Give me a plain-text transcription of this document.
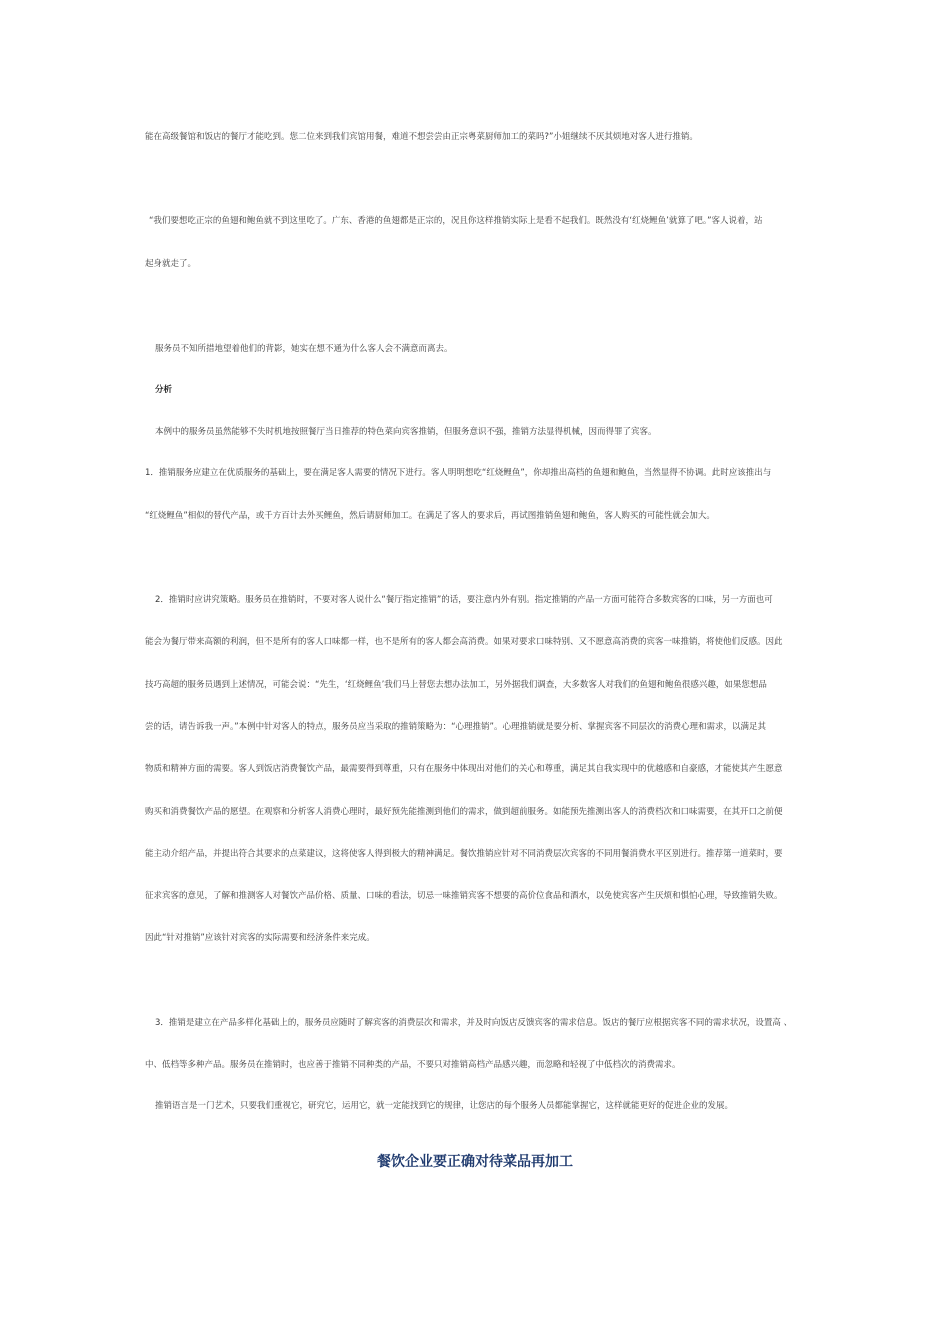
能在高级餐馆和饭店的餐厅才能吃到。您二位来到我们宾馆用餐，难道不想尝尝由正宗粤菜厨师加工的菜吗?”小姐继续不厌其烦地对客人进行推销。
“我们要想吃正宗的鱼翅和鲍鱼就不到这里吃了。广东、香港的鱼翅都是正宗的，况且你这样推销实际上是看不起我们。既然没有‘红烧鲤鱼’就算了吧。”客人说着，站
起身就走了。
服务员不知所措地望着他们的背影，她实在想不通为什么客人会不满意而离去。
分析
本例中的服务员虽然能够不失时机地按照餐厅当日推荐的特色菜向宾客推销，但服务意识不强，推销方法显得机械，因而得罪了宾客。
1．推销服务应建立在优质服务的基础上，要在满足客人需要的情况下进行。客人明明想吃“红烧鲤鱼”，你却推出高档的鱼翅和鲍鱼，当然显得不协调。此时应该推出与
“红烧鲤鱼”相似的替代产品，或千方百计去外买鲤鱼，然后请厨师加工。在满足了客人的要求后，再试图推销鱼翅和鲍鱼，客人购买的可能性就会加大。
2．推销时应讲究策略。服务员在推销时，不要对客人说什么“餐厅指定推销”的话，要注意内外有别。指定推销的产品一方面可能符合多数宾客的口味，另一方面也可
能会为餐厅带来高额的利润，但不是所有的客人口味都一样，也不是所有的客人都会高消费。如果对要求口味特别、又不愿意高消费的宾客一味推销，将使他们反感。因此
技巧高超的服务员遇到上述情况，可能会说：“先生，‘红烧鲤鱼’我们马上替您去想办法加工，另外据我们调查，大多数客人对我们的鱼翅和鲍鱼很感兴趣，如果您想品
尝的话，请告诉我一声。”本例中针对客人的特点，服务员应当采取的推销策略为：“心理推销”。心理推销就是要分析、掌握宾客不同层次的消费心理和需求，以满足其
物质和精神方面的需要。客人到饭店消费餐饮产品，最需要得到尊重，只有在服务中体现出对他们的关心和尊重，满足其自我实现中的优越感和自豪感，才能使其产生愿意
购买和消费餐饮产品的愿望。在观察和分析客人消费心理时，最好预先能推测到他们的需求，做到超前服务。如能预先推测出客人的消费档次和口味需要，在其开口之前便
能主动介绍产品，并提出符合其要求的点菜建议，这将使客人得到极大的精神满足。餐饮推销应针对不同消费层次宾客的不同用餐消费水平区别进行。推荐第一道菜时，要
征求宾客的意见，了解和推测客人对餐饮产品价格、质量、口味的看法，切忌一味推销宾客不想要的高价位食品和酒水，以免使宾客产生厌烦和惧怕心理，导致推销失败。
因此“针对推销”应该针对宾客的实际需要和经济条件来完成。
3．推销是建立在产品多样化基础上的，服务员应随时了解宾客的消费层次和需求，并及时向饭店反馈宾客的需求信息。饭店的餐厅应根据宾客不同的需求状况，设置高 、
中、低档等多种产品。服务员在推销时，也应善于推销不同种类的产品，不要只对推销高档产品感兴趣，而忽略和轻视了中低档次的消费需求。
推销语言是一门艺术，只要我们重视它，研究它，运用它，就一定能找到它的规律，让您店的每个服务人员都能掌握它，这样就能更好的促进企业的发展。
餐饮企业要正确对待菜品再加工
